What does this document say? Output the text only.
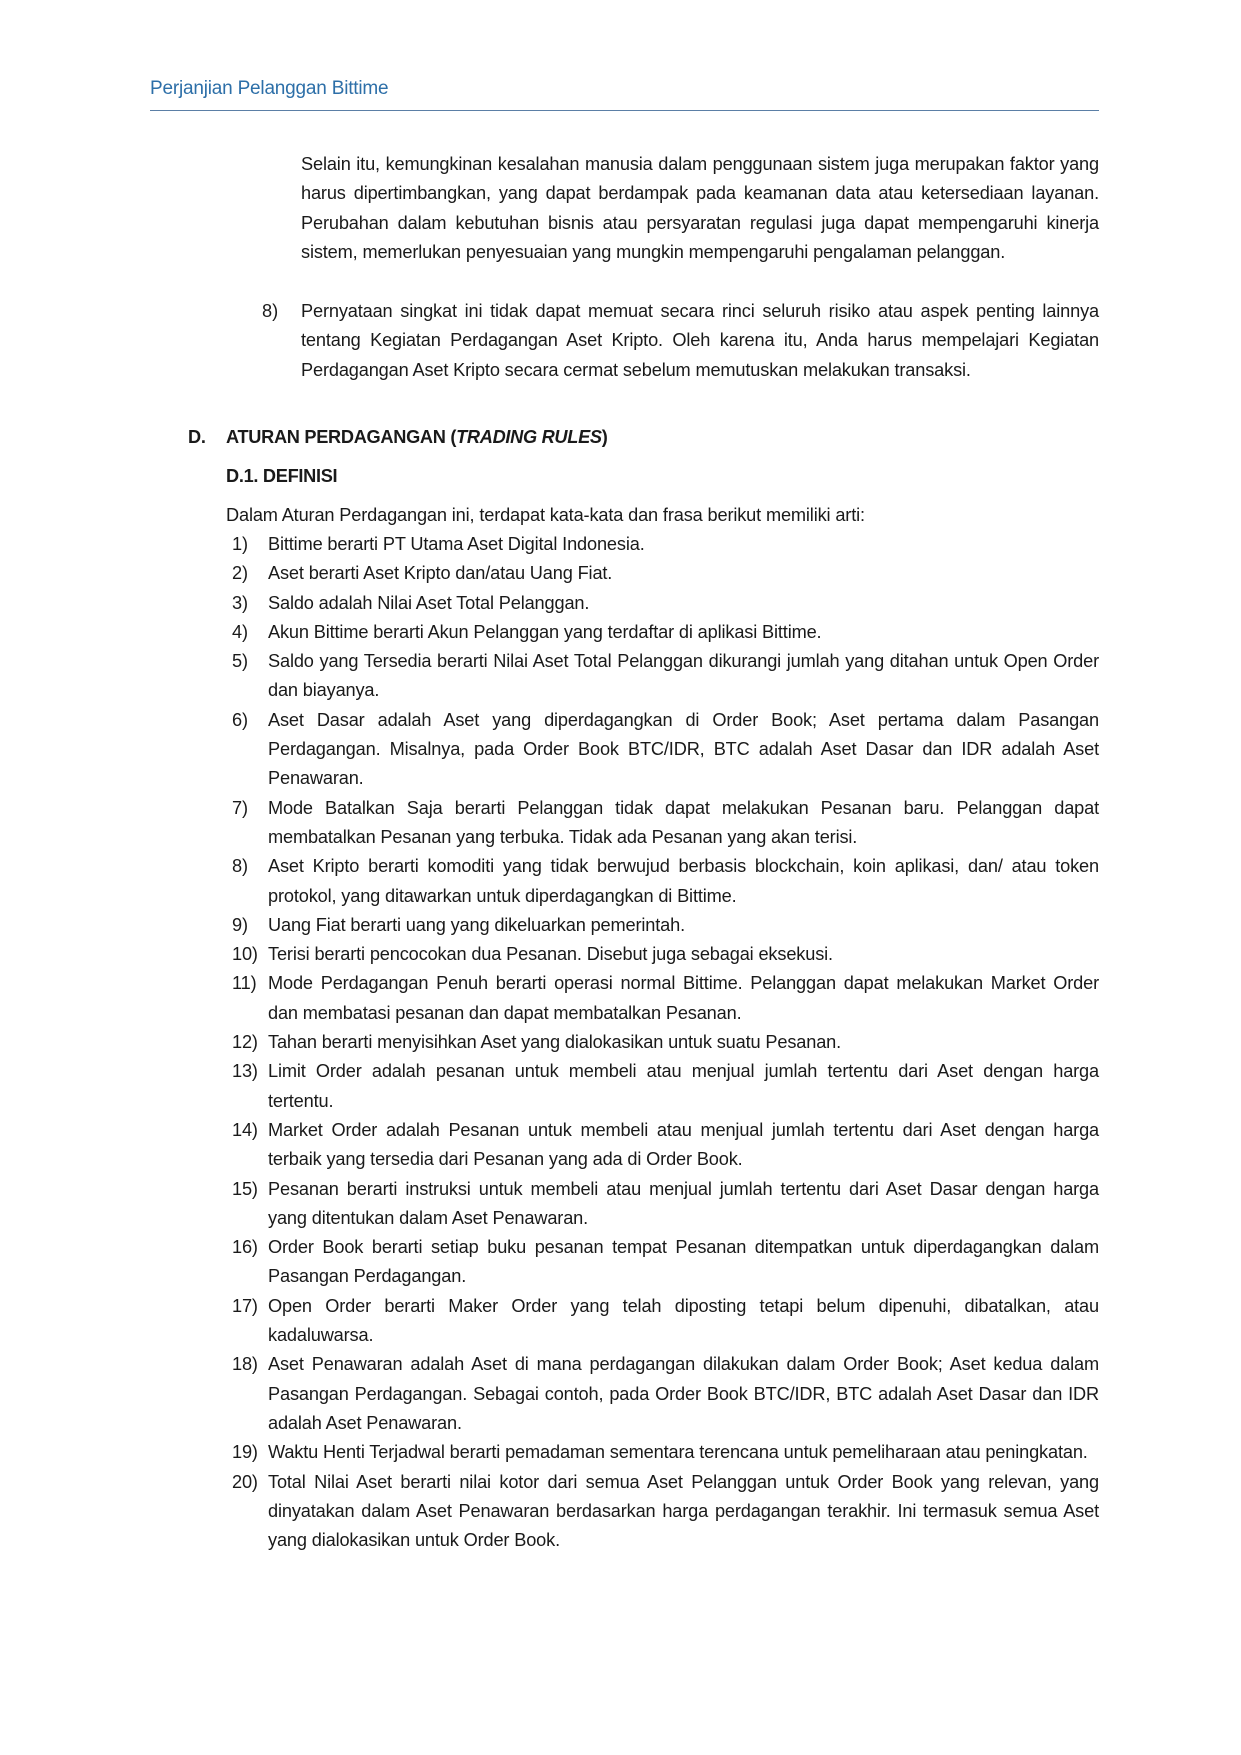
Perjanjian Pelanggan Bittime

Selain itu, kemungkinan kesalahan manusia dalam penggunaan sistem juga merupakan faktor yang harus dipertimbangkan, yang dapat berdampak pada keamanan data atau ketersediaan layanan. Perubahan dalam kebutuhan bisnis atau persyaratan regulasi juga dapat mempengaruhi kinerja sistem, memerlukan penyesuaian yang mungkin mempengaruhi pengalaman pelanggan.

8)	Pernyataan singkat ini tidak dapat memuat secara rinci seluruh risiko atau aspek penting lainnya tentang Kegiatan Perdagangan Aset Kripto. Oleh karena itu, Anda harus mempelajari Kegiatan Perdagangan Aset Kripto secara cermat sebelum memutuskan melakukan transaksi.
D. ATURAN PERDAGANGAN (TRADING RULES)
D.1. DEFINISI
Dalam Aturan Perdagangan ini, terdapat kata-kata dan frasa berikut memiliki arti:
1)	Bittime berarti PT Utama Aset Digital Indonesia.
2)	Aset berarti Aset Kripto dan/atau Uang Fiat.
3)	Saldo adalah Nilai Aset Total Pelanggan.
4)	Akun Bittime berarti Akun Pelanggan yang terdaftar di aplikasi Bittime.
5)	Saldo yang Tersedia berarti Nilai Aset Total Pelanggan dikurangi jumlah yang ditahan untuk Open Order dan biayanya.
6)	Aset Dasar adalah Aset yang diperdagangkan di Order Book; Aset pertama dalam Pasangan Perdagangan. Misalnya, pada Order Book BTC/IDR, BTC adalah Aset Dasar dan IDR adalah Aset Penawaran.
7)	Mode Batalkan Saja berarti Pelanggan tidak dapat melakukan Pesanan baru. Pelanggan dapat membatalkan Pesanan yang terbuka. Tidak ada Pesanan yang akan terisi.
8)	Aset Kripto berarti komoditi yang tidak berwujud berbasis blockchain, koin aplikasi, dan/ atau token protokol, yang ditawarkan untuk diperdagangkan di Bittime.
9)	Uang Fiat berarti uang yang dikeluarkan pemerintah.
10) Terisi berarti pencocokan dua Pesanan. Disebut juga sebagai eksekusi.
11) Mode Perdagangan Penuh berarti operasi normal Bittime. Pelanggan dapat melakukan Market Order dan membatasi pesanan dan dapat membatalkan Pesanan.
12) Tahan berarti menyisihkan Aset yang dialokasikan untuk suatu Pesanan.
13) Limit Order adalah pesanan untuk membeli atau menjual jumlah tertentu dari Aset dengan harga tertentu.
14) Market Order adalah Pesanan untuk membeli atau menjual jumlah tertentu dari Aset dengan harga terbaik yang tersedia dari Pesanan yang ada di Order Book.
15) Pesanan berarti instruksi untuk membeli atau menjual jumlah tertentu dari Aset Dasar dengan harga yang ditentukan dalam Aset Penawaran.
16) Order Book berarti setiap buku pesanan tempat Pesanan ditempatkan untuk diperdagangkan dalam Pasangan Perdagangan.
17) Open Order berarti Maker Order yang telah diposting tetapi belum dipenuhi, dibatalkan, atau kadaluwarsa.
18) Aset Penawaran adalah Aset di mana perdagangan dilakukan dalam Order Book; Aset kedua dalam Pasangan Perdagangan. Sebagai contoh, pada Order Book BTC/IDR, BTC adalah Aset Dasar dan IDR adalah Aset Penawaran.
19) Waktu Henti Terjadwal berarti pemadaman sementara terencana untuk pemeliharaan atau peningkatan.
20) Total Nilai Aset berarti nilai kotor dari semua Aset Pelanggan untuk Order Book yang relevan, yang dinyatakan dalam Aset Penawaran berdasarkan harga perdagangan terakhir. Ini termasuk semua Aset yang dialokasikan untuk Order Book.
